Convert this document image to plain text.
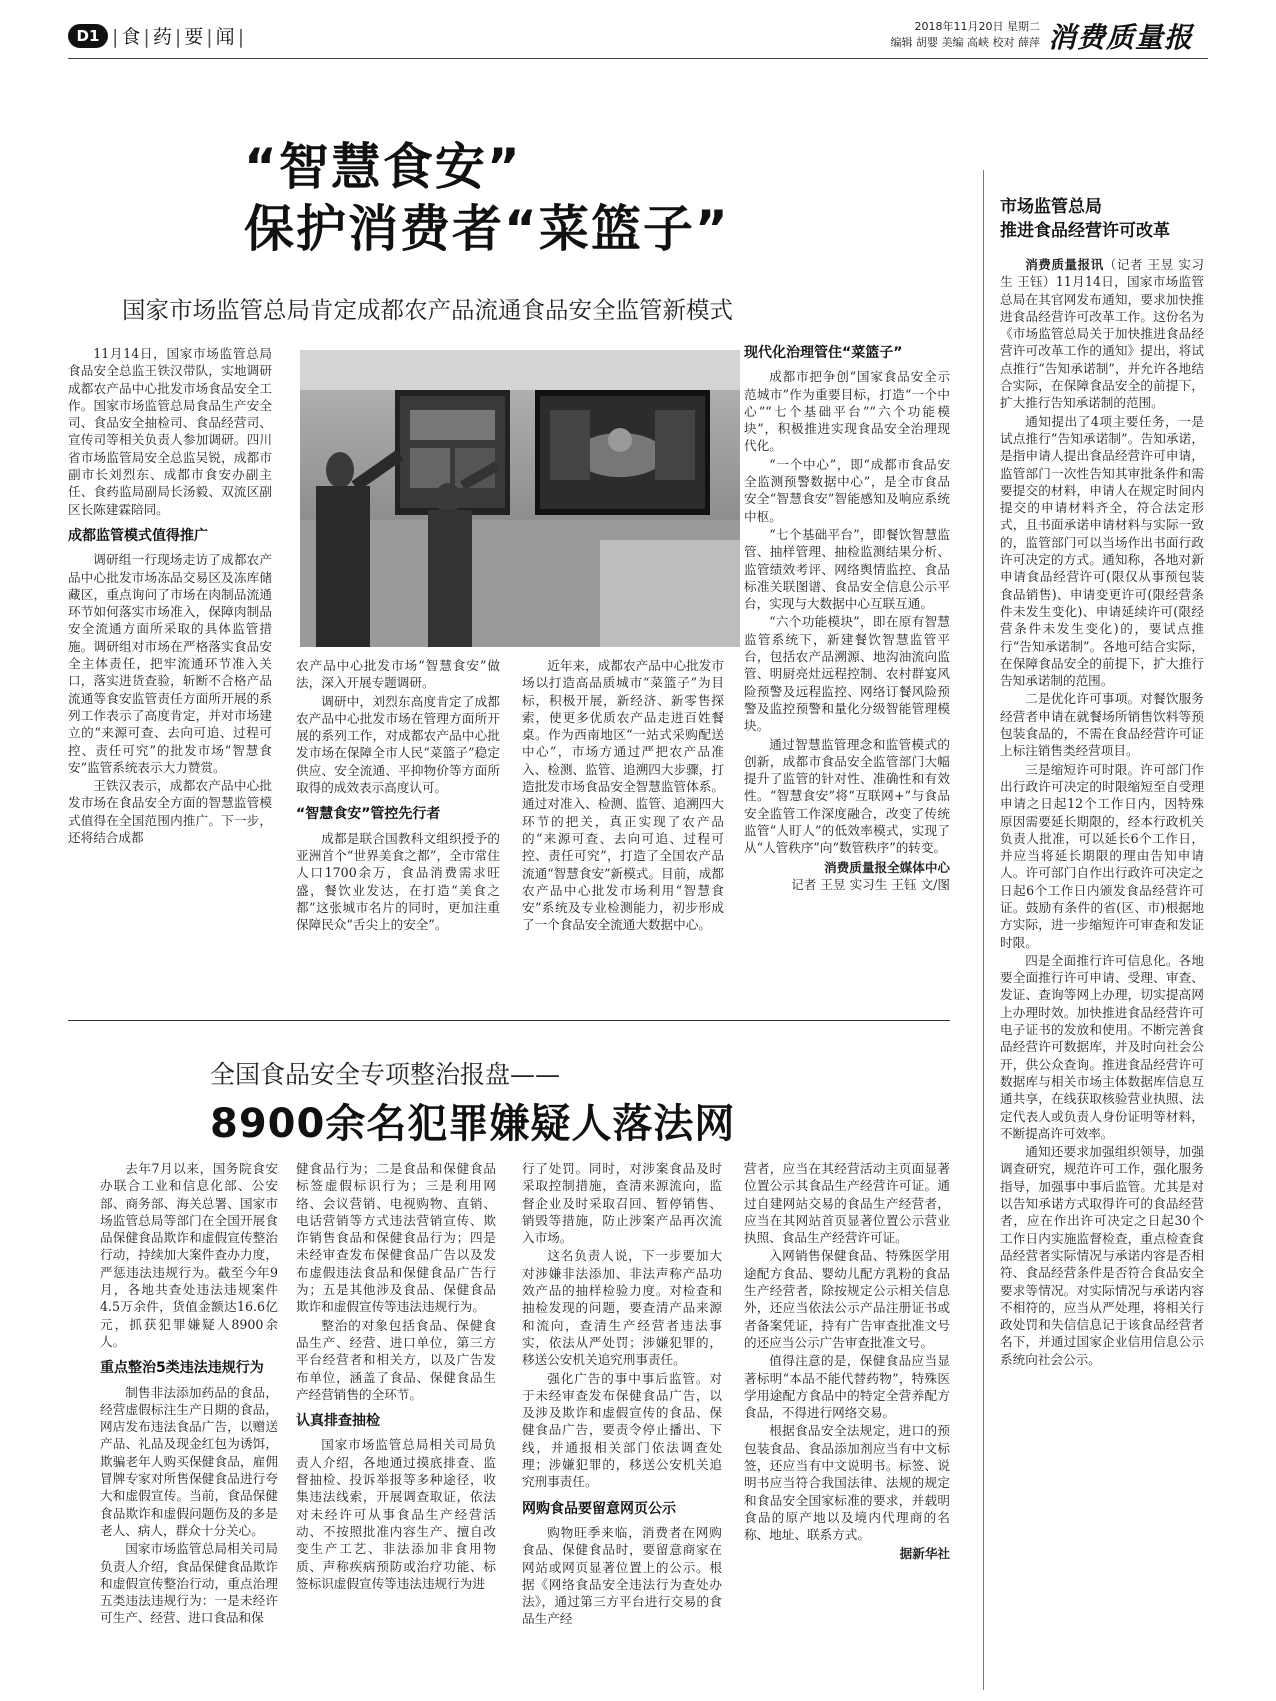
D1 |食|药|要|闻|	2018年11月20日 星期二
编辑 胡婴 美编 高峡 校对 薛萍 消费质量报
“智慧食安”
保护消费者“菜篮子”
国家市场监管总局肯定成都农产品流通食品安全监管新模式

11月14日，国家市场监管总局食品安全总监王铁汉带队，实地调研成都农产品中心批发市场食品安全工作。国家市场监管总局食品生产安全司、食品安全抽检司、食品经营司、宣传司等相关负责人参加调研。四川省市场监管局安全总监吴锐，成都市副市长刘烈东、成都市食安办副主任、食药监局副局长汤毅、双流区副区长陈建霖陪同。

成都监管模式值得推广

调研组一行现场走访了成都农产品中心批发市场冻品交易区及冻库储藏区，重点询问了市场在肉制品流通环节如何落实市场准入，保障肉制品安全流通方面所采取的具体监管措施。调研组对市场在严格落实食品安全主体责任，把牢流通环节准入关口，落实进货查验，斩断不合格产品流通等食安监管责任方面所开展的系列工作表示了高度肯定，并对市场建立的“来源可查、去向可追、过程可控、责任可究”的批发市场“智慧食安”监管系统表示大力赞赏。

王铁汉表示，成都农产品中心批发市场在食品安全方面的智慧监管模式值得在全国范围内推广。下一步，还将结合成都

农产品中心批发市场“智慧食安”做法，深入开展专题调研。

调研中，刘烈东高度肯定了成都农产品中心批发市场在管理方面所开展的系列工作，对成都农产品中心批发市场在保障全市人民“菜篮子”稳定供应、安全流通、平抑物价等方面所取得的成效表示高度认可。

“智慧食安”管控先行者

成都是联合国教科文组织授予的亚洲首个“世界美食之都”，全市常住人口1700余万，食品消费需求旺盛，餐饮业发达，在打造“美食之都”这张城市名片的同时，更加注重保障民众“舌尖上的安全”。

近年来，成都农产品中心批发市场以打造高品质城市“菜篮子”为目标，积极开展，新经济、新零售探索，使更多优质农产品走进百姓餐桌。作为西南地区“一站式采购配送中心”，市场方通过严把农产品准入、检测、监管、追溯四大步骤，打造批发市场食品安全智慧监管体系。通过对准入、检测、监管、追溯四大环节的把关，真正实现了农产品的“来源可查、去向可追、过程可控、责任可究”，打造了全国农产品流通“智慧食安”新模式。目前，成都农产品中心批发市场利用“智慧食安”系统及专业检测能力，初步形成了一个食品安全流通大数据中心。

现代化治理管住“菜篮子”

成都市把争创“国家食品安全示范城市”作为重要目标，打造“一个中心”“七个基础平台”“六个功能模块”，积极推进实现食品安全治理现代化。

“一个中心”，即“成都市食品安全监测预警数据中心”，是全市食品安全“智慧食安”智能感知及响应系统中枢。

“七个基础平台”，即餐饮智慧监管、抽样管理、抽检监测结果分析、监管绩效考评、网络舆情监控、食品标准关联图谱、食品安全信息公示平台，实现与大数据中心互联互通。

“六个功能模块”，即在原有智慧监管系统下，新建餐饮智慧监管平台，包括农产品溯源、地沟油流向监管、明厨亮灶远程控制、农村群宴风险预警及远程监控、网络订餐风险预警及监控预警和量化分级智能管理模块。

通过智慧监管理念和监管模式的创新，成都市食品安全监管部门大幅提升了监管的针对性、准确性和有效性。“智慧食安”将“互联网+”与食品安全监管工作深度融合，改变了传统监管“人盯人”的低效率模式，实现了从“人管秩序”向“数管秩序”的转变。

消费质量报全媒体中心
记者 王昱 实习生 王钰 文/图
市场监管总局
推进食品经营许可改革

消费质量报讯（记者 王昱 实习生 王钰）11月14日，国家市场监管总局在其官网发布通知，要求加快推进食品经营许可改革工作。这份名为《市场监管总局关于加快推进食品经营许可改革工作的通知》提出，将试点推行“告知承诺制”，并允许各地结合实际，在保障食品安全的前提下，扩大推行告知承诺制的范围。

通知提出了4项主要任务，一是试点推行“告知承诺制”。告知承诺，是指申请人提出食品经营许可申请，监管部门一次性告知其审批条件和需要提交的材料，申请人在规定时间内提交的申请材料齐全，符合法定形式，且书面承诺申请材料与实际一致的，监管部门可以当场作出书面行政许可决定的方式。通知称，各地对新申请食品经营许可(限仅从事预包装食品销售)、申请变更许可(限经营条件未发生变化)、申请延续许可(限经营条件未发生变化)的，要试点推行“告知承诺制”。各地可结合实际，在保障食品安全的前提下，扩大推行告知承诺制的范围。

二是优化许可事项。对餐饮服务经营者申请在就餐场所销售饮料等预包装食品的，不需在食品经营许可证上标注销售类经营项目。

三是缩短许可时限。许可部门作出行政许可决定的时限缩短至自受理申请之日起12个工作日内，因特殊原因需要延长期限的，经本行政机关负责人批准，可以延长6个工作日，并应当将延长期限的理由告知申请人。许可部门自作出行政许可决定之日起6个工作日内颁发食品经营许可证。鼓励有条件的省(区、市)根据地方实际，进一步缩短许可审查和发证时限。

四是全面推行许可信息化。各地要全面推行许可申请、受理、审查、发证、查询等网上办理，切实提高网上办理时效。加快推进食品经营许可电子证书的发放和使用。不断完善食品经营许可数据库，并及时向社会公开，供公众查询。推进食品经营许可数据库与相关市场主体数据库信息互通共享，在线获取核验营业执照、法定代表人或负责人身份证明等材料，不断提高许可效率。

通知还要求加强组织领导，加强调查研究，规范许可工作，强化服务指导，加强事中事后监管。尤其是对以告知承诺方式取得许可的食品经营者，应在作出许可决定之日起30个工作日内实施监督检查，重点检查食品经营者实际情况与承诺内容是否相符、食品经营条件是否符合食品安全要求等情况。对实际情况与承诺内容不相符的，应当从严处理，将相关行政处罚和失信信息记于该食品经营者名下，并通过国家企业信用信息公示系统向社会公示。

全国食品安全专项整治报盘——
8900余名犯罪嫌疑人落法网

去年7月以来，国务院食安办联合工业和信息化部、公安部、商务部、海关总署、国家市场监管总局等部门在全国开展食品保健食品欺诈和虚假宣传整治行动，持续加大案件查办力度，严惩违法违规行为。截至今年9月，各地共查处违法违规案件4.5万余件，货值金额达16.6亿元，抓获犯罪嫌疑人8900余人。

重点整治5类违法违规行为

制售非法添加药品的食品，经营虚假标注生产日期的食品，网店发布违法食品广告，以赠送产品、礼品及现金红包为诱饵，欺骗老年人购买保健食品，雇佣冒牌专家对所售保健食品进行夸大和虚假宣传。当前，食品保健食品欺诈和虚假问题伤及的多是老人、病人，群众十分关心。

国家市场监管总局相关司局负责人介绍，食品保健食品欺诈和虚假宣传整治行动，重点治理五类违法违规行为：一是未经许可生产、经营、进口食品和保

健食品行为；二是食品和保健食品标签虚假标识行为；三是利用网络、会议营销、电视购物、直销、电话营销等方式违法营销宣传、欺诈销售食品和保健食品行为；四是未经审查发布保健食品广告以及发布虚假违法食品和保健食品广告行为；五是其他涉及食品、保健食品欺诈和虚假宣传等违法违规行为。

整治的对象包括食品、保健食品生产、经营、进口单位，第三方平台经营者和相关方，以及广告发布单位，涵盖了食品、保健食品生产经营销售的全环节。

认真排查抽检

国家市场监管总局相关司局负责人介绍，各地通过摸底排查、监督抽检、投诉举报等多种途径，收集违法线索，开展调查取证，依法对未经许可从事食品生产经营活动、不按照批准内容生产、擅自改变生产工艺、非法添加非食用物质、声称疾病预防或治疗功能、标签标识虚假宣传等违法违规行为进

行了处罚。同时，对涉案食品及时采取控制措施，查清来源流向，监督企业及时采取召回、暂停销售、销毁等措施，防止涉案产品再次流入市场。

这名负责人说，下一步要加大对涉嫌非法添加、非法声称产品功效产品的抽样检验力度。对检查和抽检发现的问题，要查清产品来源和流向，查清生产经营者违法事实，依法从严处罚；涉嫌犯罪的，移送公安机关追究刑事责任。

强化广告的事中事后监管。对于未经审查发布保健食品广告，以及涉及欺诈和虚假宣传的食品、保健食品广告，要责令停止播出、下线，并通报相关部门依法调查处理；涉嫌犯罪的，移送公安机关追究刑事责任。

网购食品要留意网页公示

购物旺季来临，消费者在网购食品、保健食品时，要留意商家在网站或网页显著位置上的公示。根据《网络食品安全违法行为查处办法》，通过第三方平台进行交易的食品生产经

营者，应当在其经营活动主页面显著位置公示其食品生产经营许可证。通过自建网站交易的食品生产经营者，应当在其网站首页显著位置公示营业执照、食品生产经营许可证。

入网销售保健食品、特殊医学用途配方食品、婴幼儿配方乳粉的食品生产经营者，除按规定公示相关信息外，还应当依法公示产品注册证书或者备案凭证，持有广告审查批准文号的还应当公示广告审查批准文号。

值得注意的是，保健食品应当显著标明“本品不能代替药物”，特殊医学用途配方食品中的特定全营养配方食品，不得进行网络交易。

根据食品安全法规定，进口的预包装食品、食品添加剂应当有中文标签，还应当有中文说明书。标签、说明书应当符合我国法律、法规的规定和食品安全国家标准的要求，并载明食品的原产地以及境内代理商的名称、地址、联系方式。

据新华社
